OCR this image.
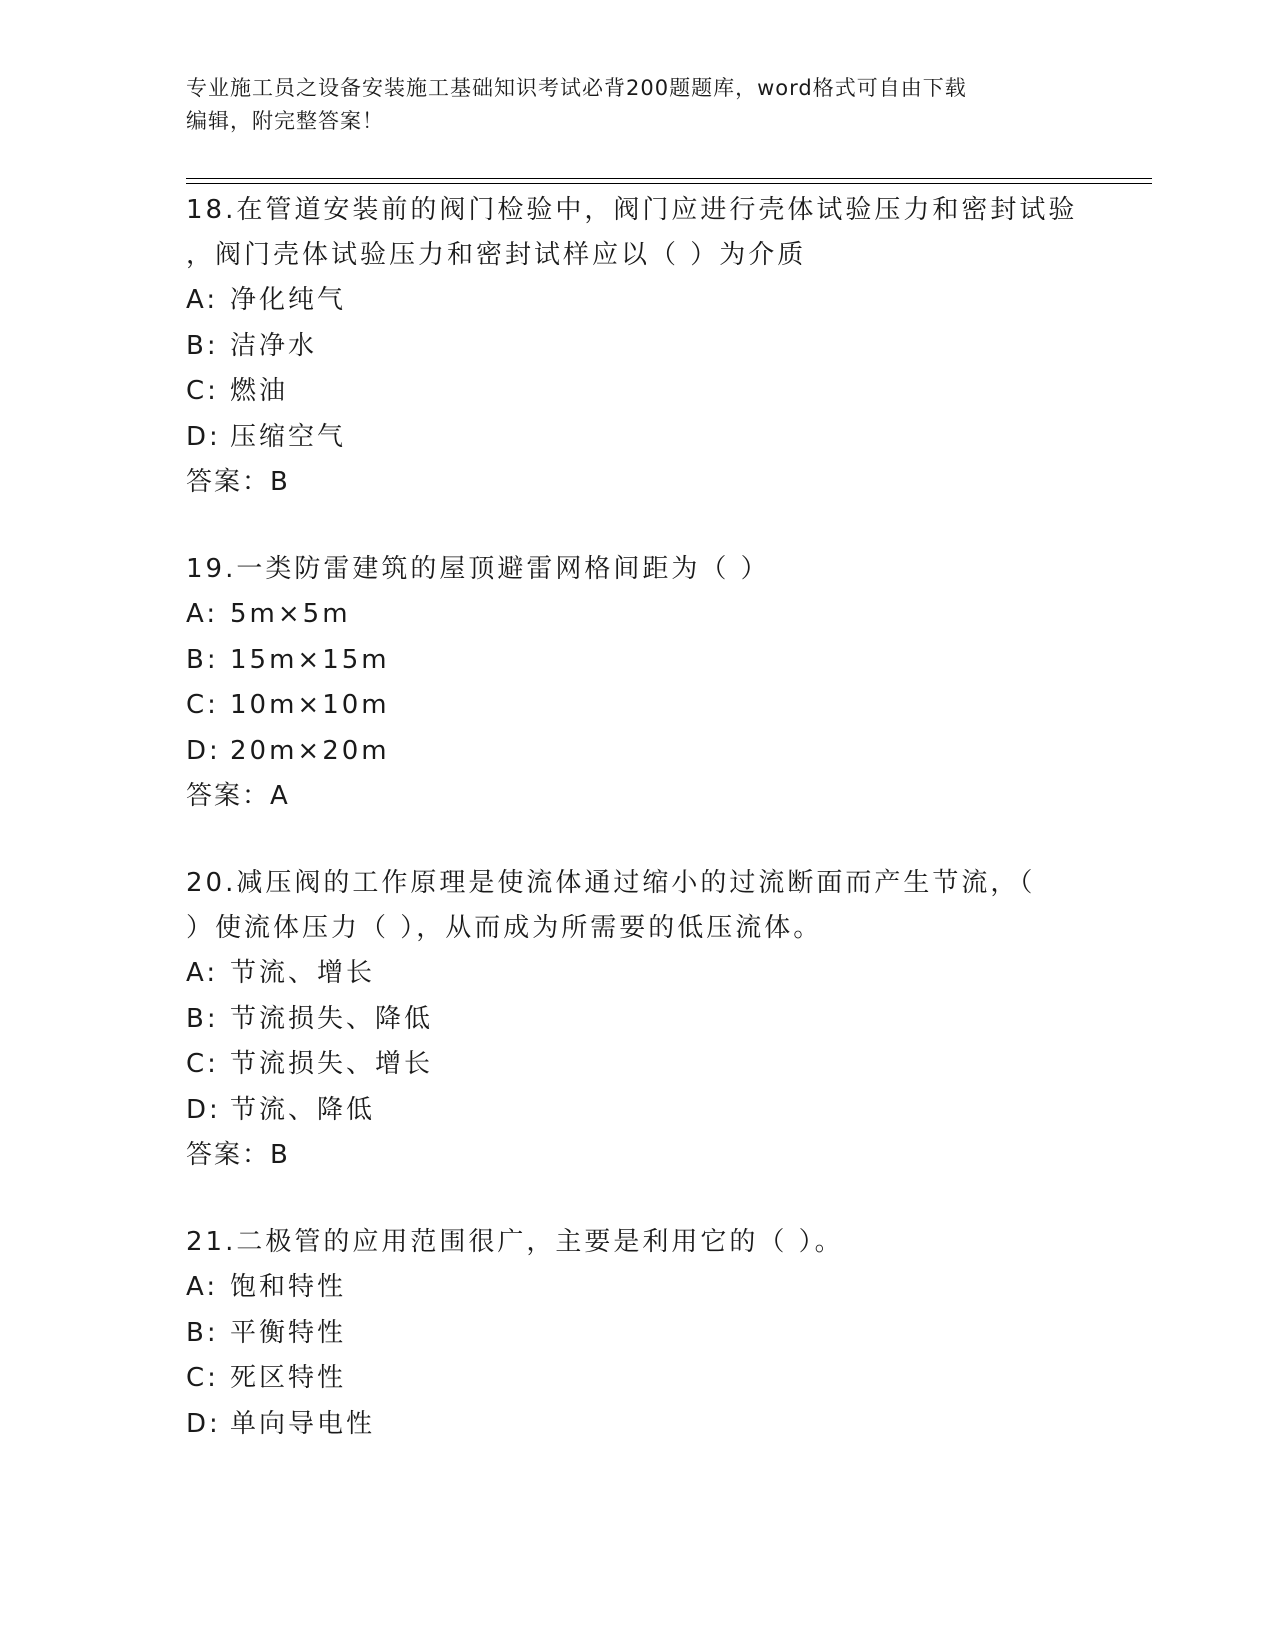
专业施工员之设备安装施工基础知识考试必背200题题库，word格式可自由下载
编辑，附完整答案！
18.在管道安装前的阀门检验中，阀门应进行壳体试验压力和密封试验
，阀门壳体试验压力和密封试样应以（ ）为介质
A: 净化纯气
B: 洁净水
C: 燃油
D: 压缩空气
答案：B
19.一类防雷建筑的屋顶避雷网格间距为（ ）
A: 5m×5m
B: 15m×15m
C: 10m×10m
D: 20m×20m
答案：A
20.减压阀的工作原理是使流体通过缩小的过流断面而产生节流，（
）使流体压力（ ），从而成为所需要的低压流体。
A: 节流、增长
B: 节流损失、降低
C: 节流损失、增长
D: 节流、降低
答案：B
21.二极管的应用范围很广，主要是利用它的（ ）。
A: 饱和特性
B: 平衡特性
C: 死区特性
D: 单向导电性
